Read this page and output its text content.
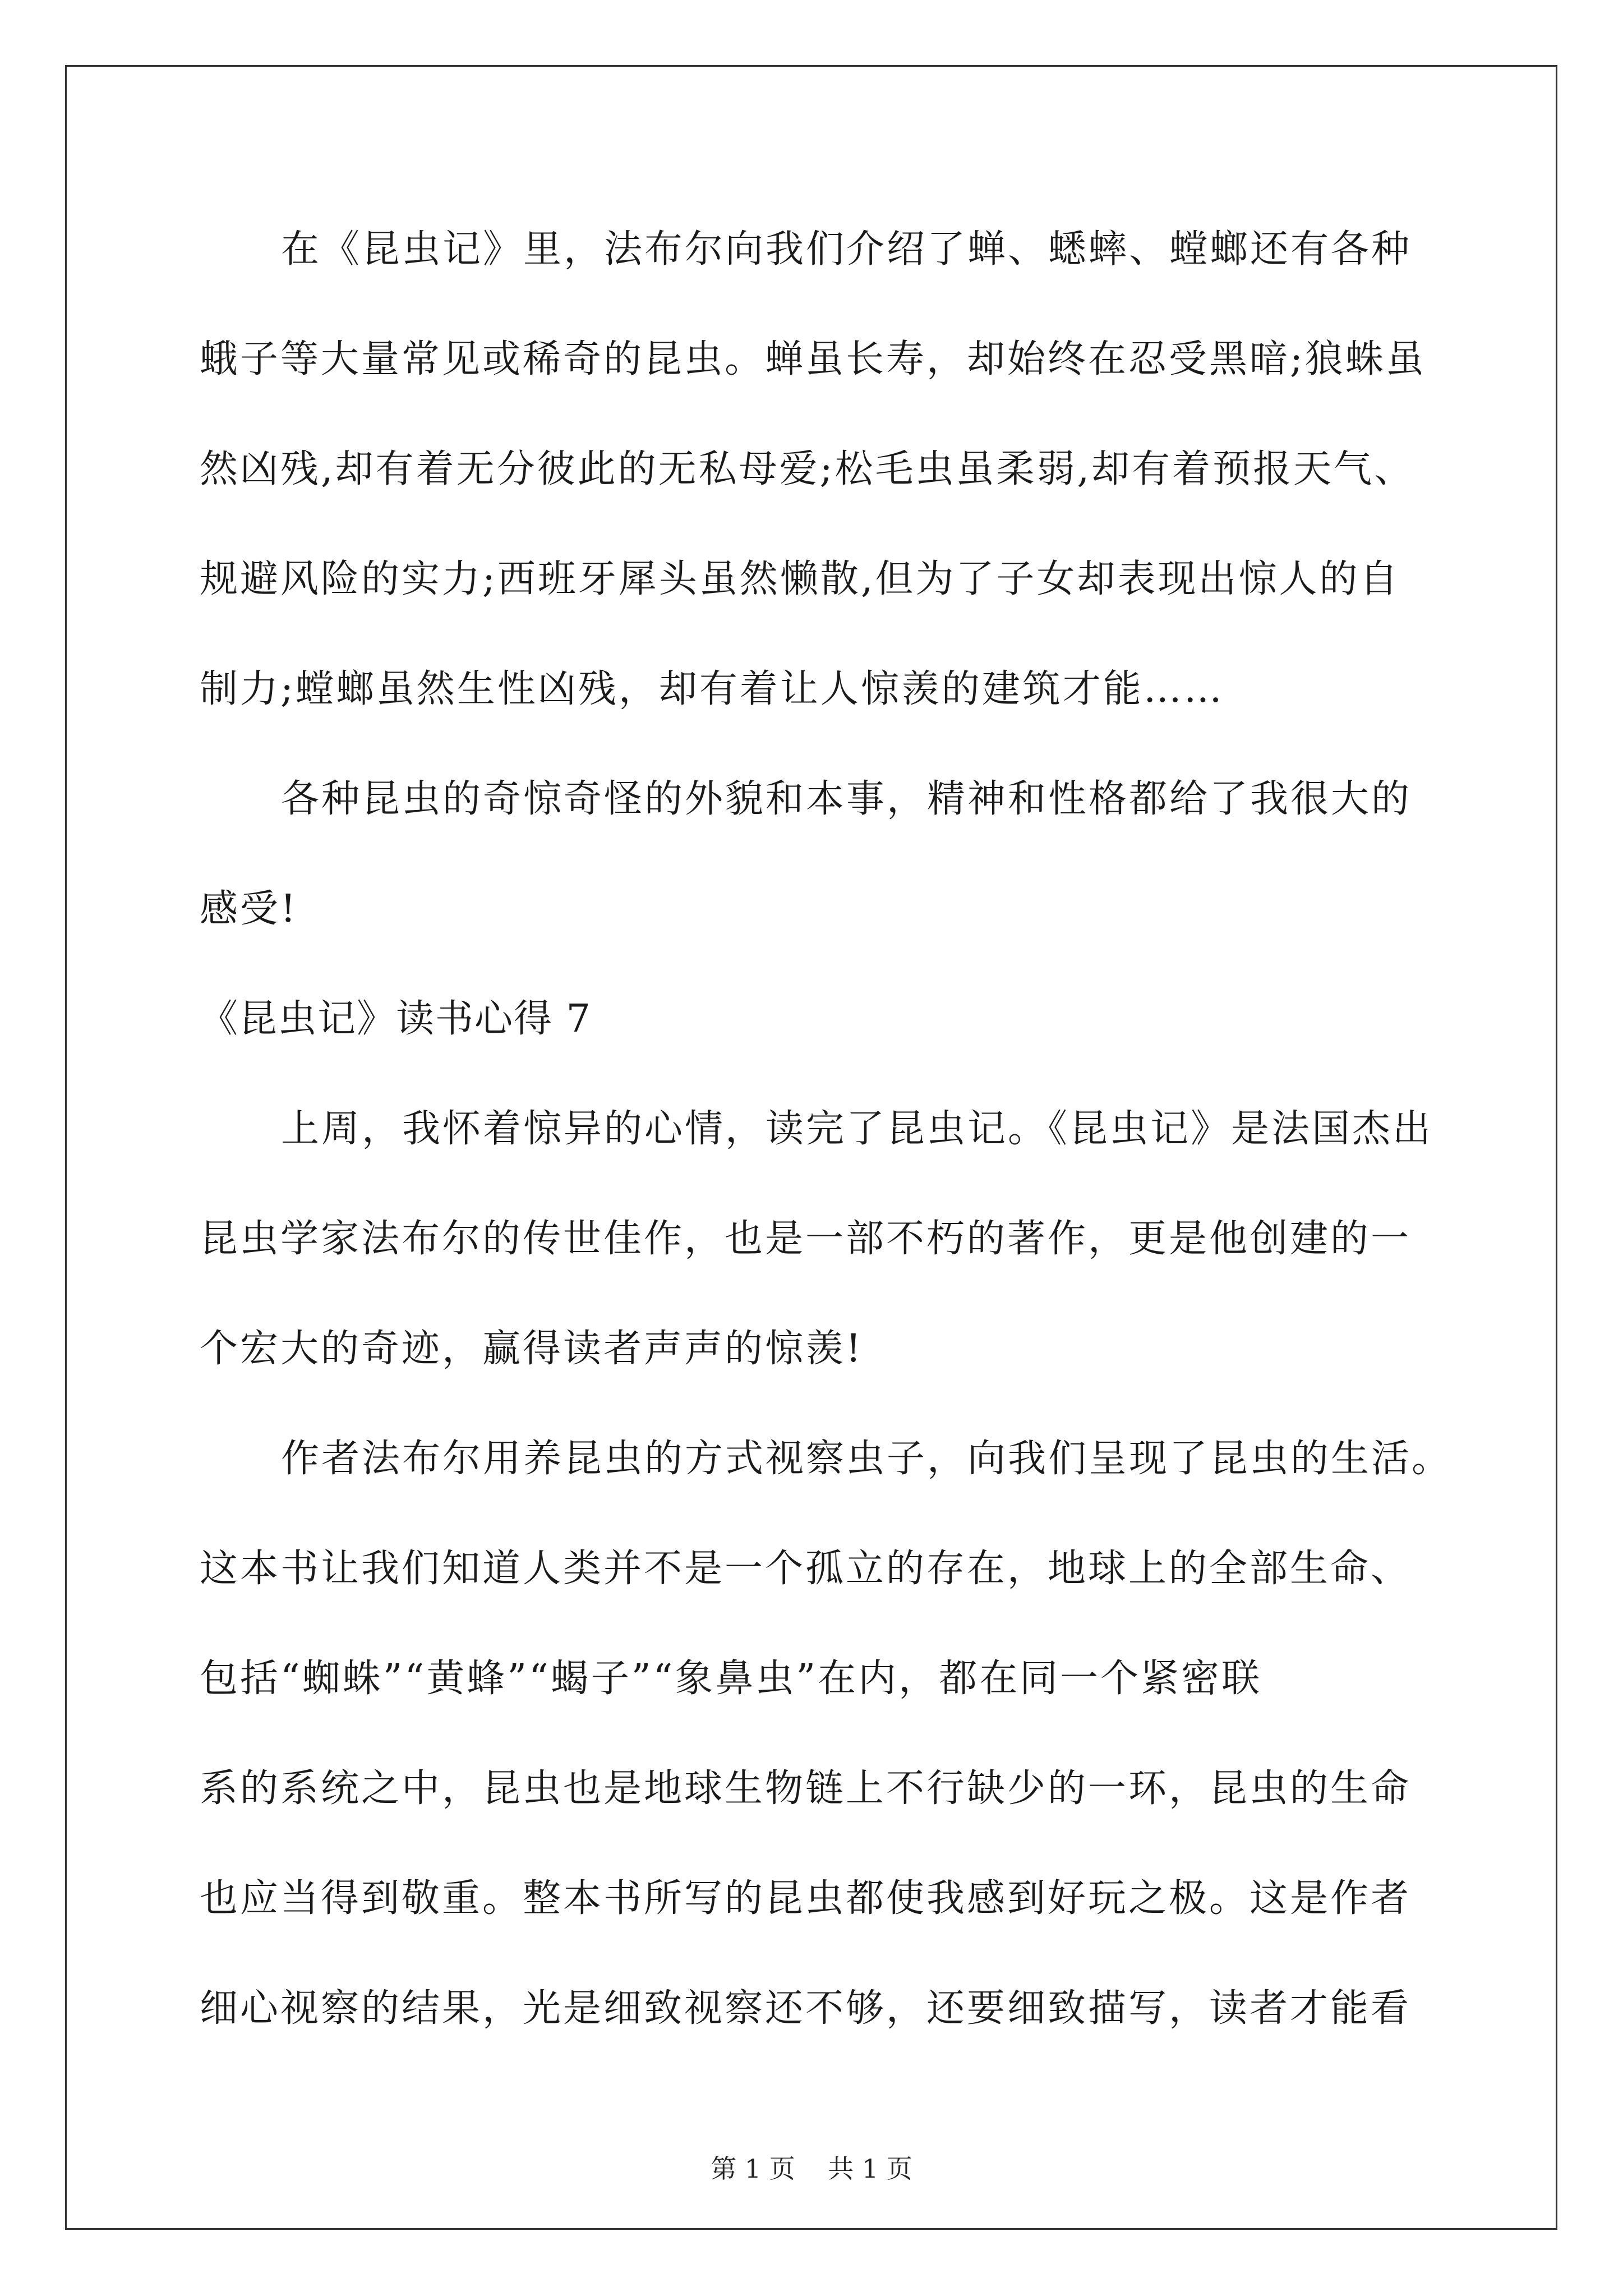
在《昆虫记》里，法布尔向我们介绍了蝉、蟋蟀、螳螂还有各种
蛾子等大量常见或稀奇的昆虫。蝉虽长寿，却始终在忍受黑暗;狼蛛虽
然凶残,却有着无分彼此的无私母爱;松毛虫虽柔弱,却有着预报天气、
规避风险的实力;西班牙犀头虽然懒散,但为了子女却表现出惊人的自
制力;螳螂虽然生性凶残，却有着让人惊羡的建筑才能……
各种昆虫的奇惊奇怪的外貌和本事，精神和性格都给了我很大的
感受!
《昆虫记》读书心得 7
上周，我怀着惊异的心情，读完了昆虫记。《昆虫记》是法国杰出
昆虫学家法布尔的传世佳作，也是一部不朽的著作，更是他创建的一
个宏大的奇迹，赢得读者声声的惊羡!
作者法布尔用养昆虫的方式视察虫子，向我们呈现了昆虫的生活。
这本书让我们知道人类并不是一个孤立的存在，地球上的全部生命、
包括“蜘蛛”“黄蜂”“蝎子”“象鼻虫”在内，都在同一个紧密联
系的系统之中，昆虫也是地球生物链上不行缺少的一环，昆虫的生命
也应当得到敬重。整本书所写的昆虫都使我感到好玩之极。这是作者
细心视察的结果，光是细致视察还不够，还要细致描写，读者才能看
第 1 页    共 1 页
